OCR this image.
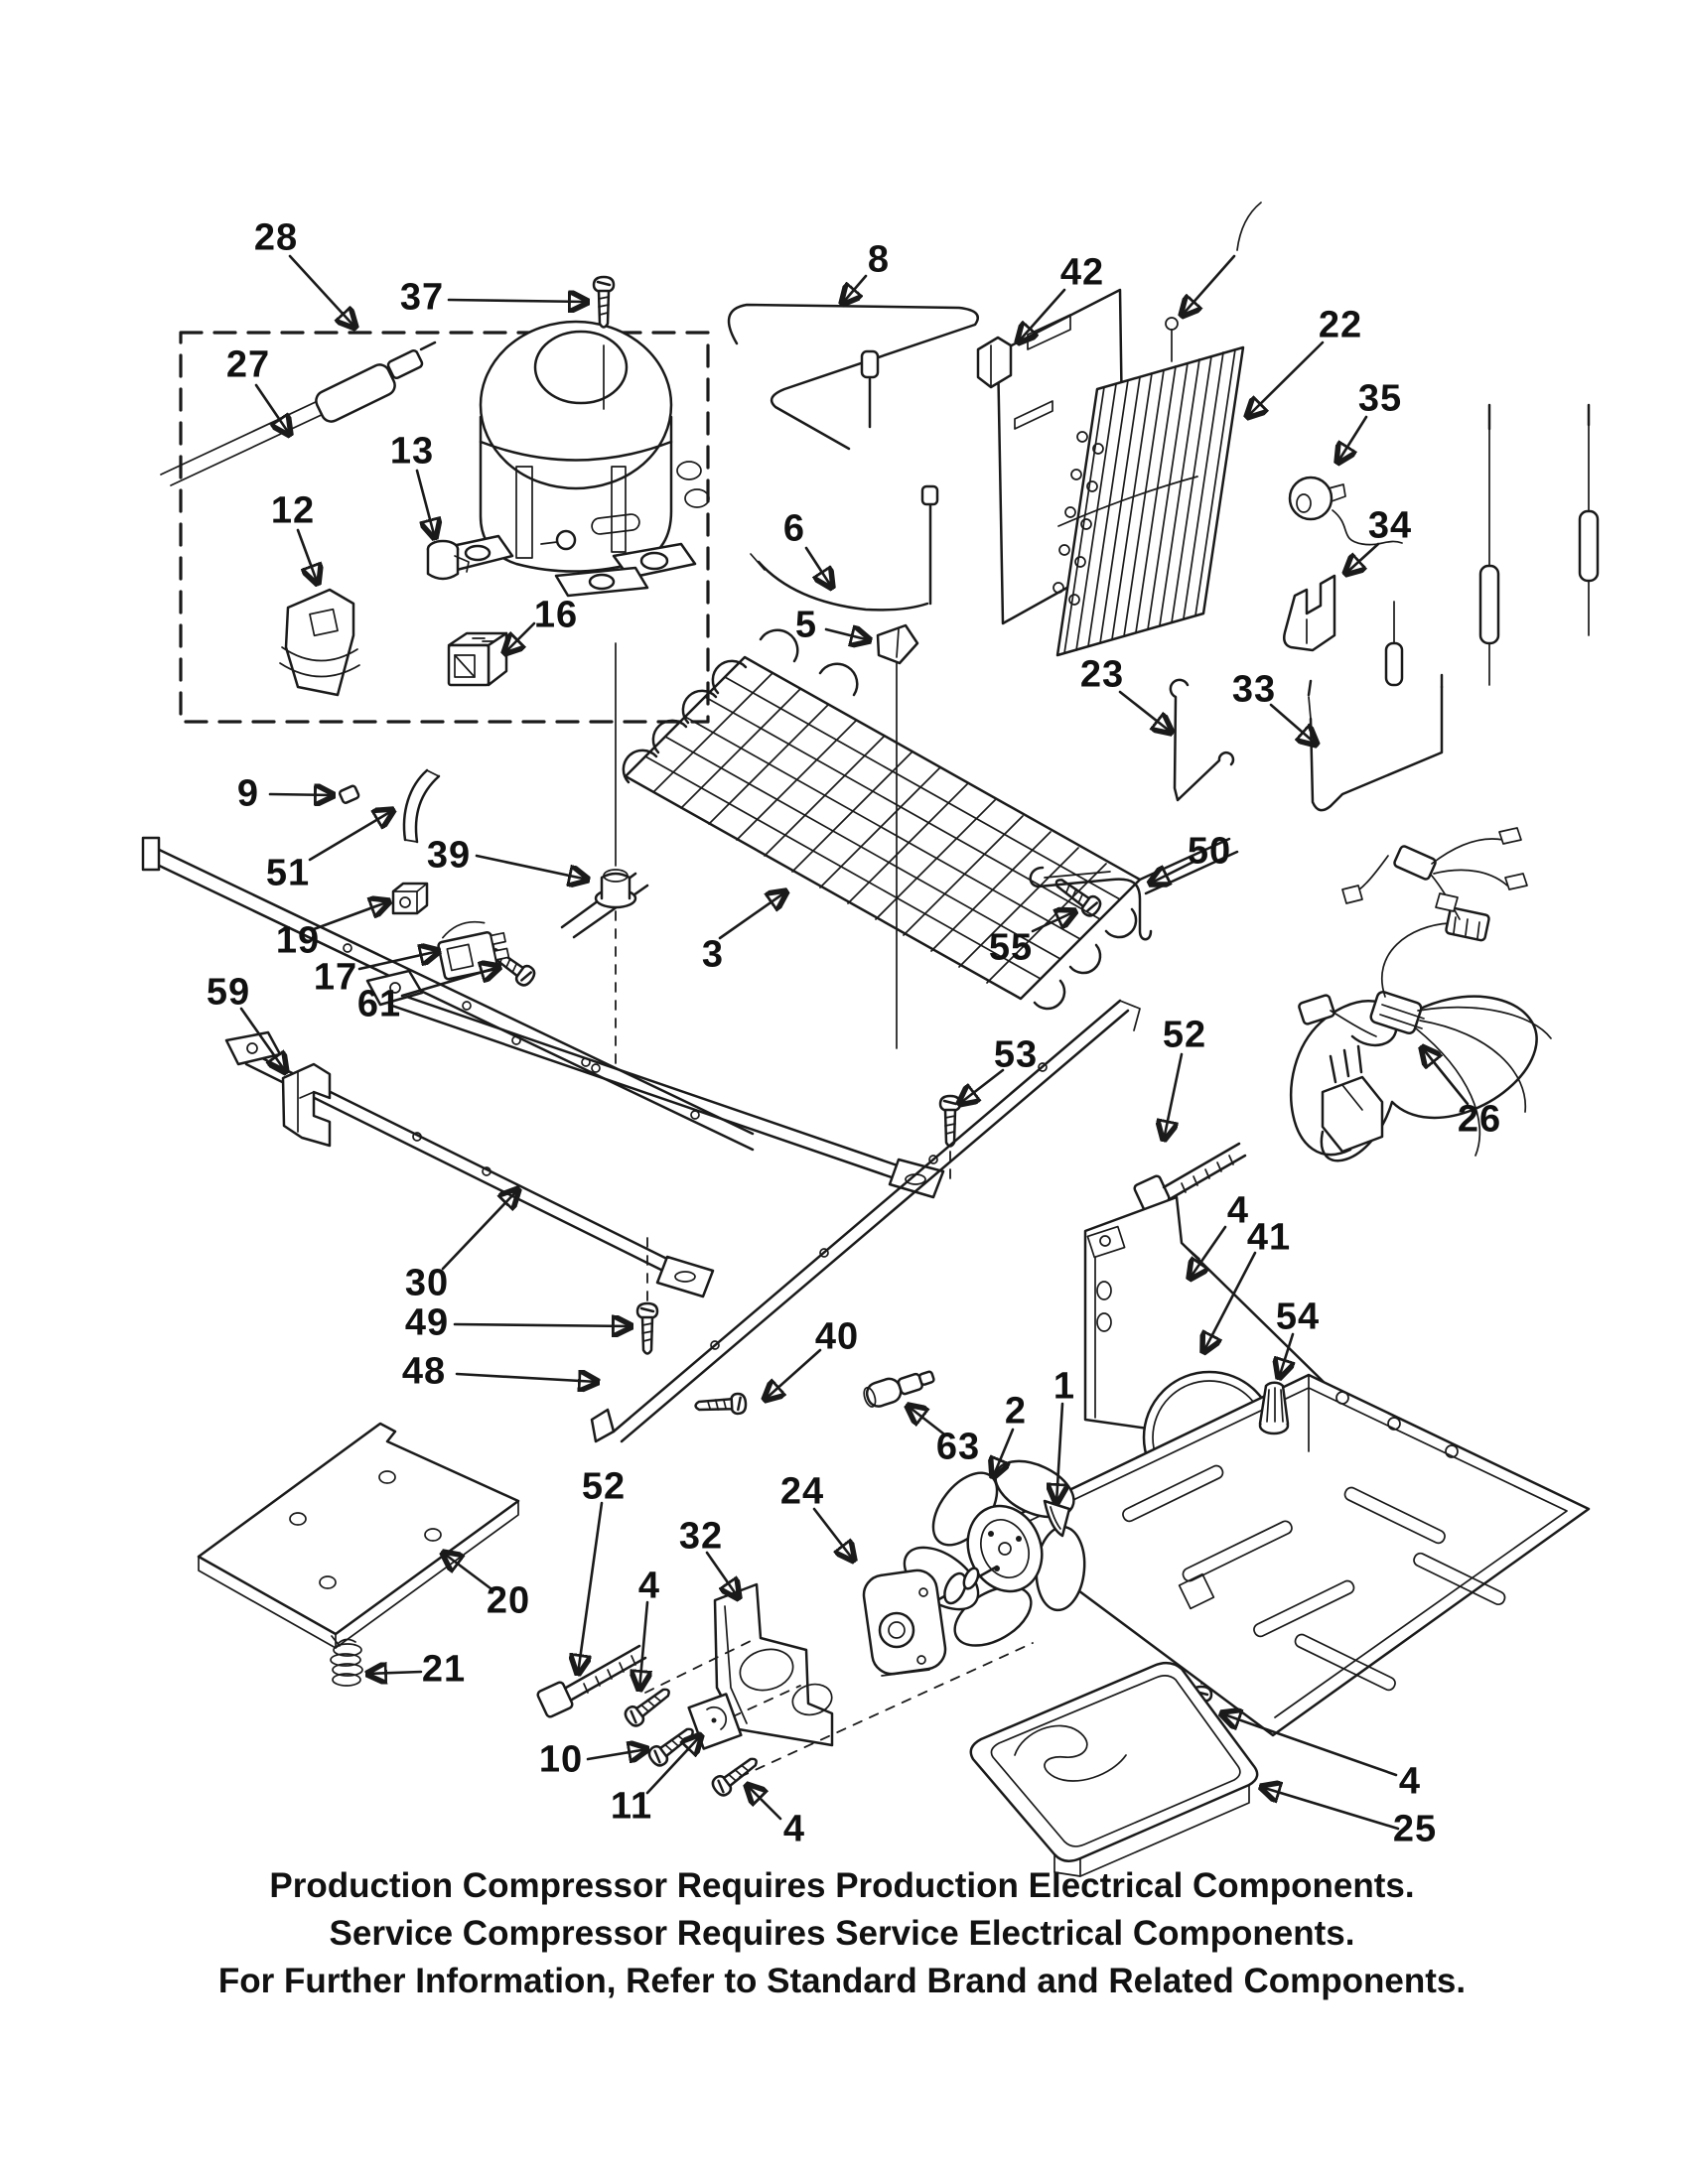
28
37
8	42
22
35
34
27
12
13
16
6
5
23	33
9
51	39
19
17
61
59
3	55
50
53	52
26
30
49
48
40
63
2
1
24
32
52
4
20
21
10
11
4
4
41
54
4
25
Production Compressor Requires Production Electrical Components.
Service Compressor Requires Service Electrical Components.
For Further Information, Refer to Standard Brand and Related Components.
